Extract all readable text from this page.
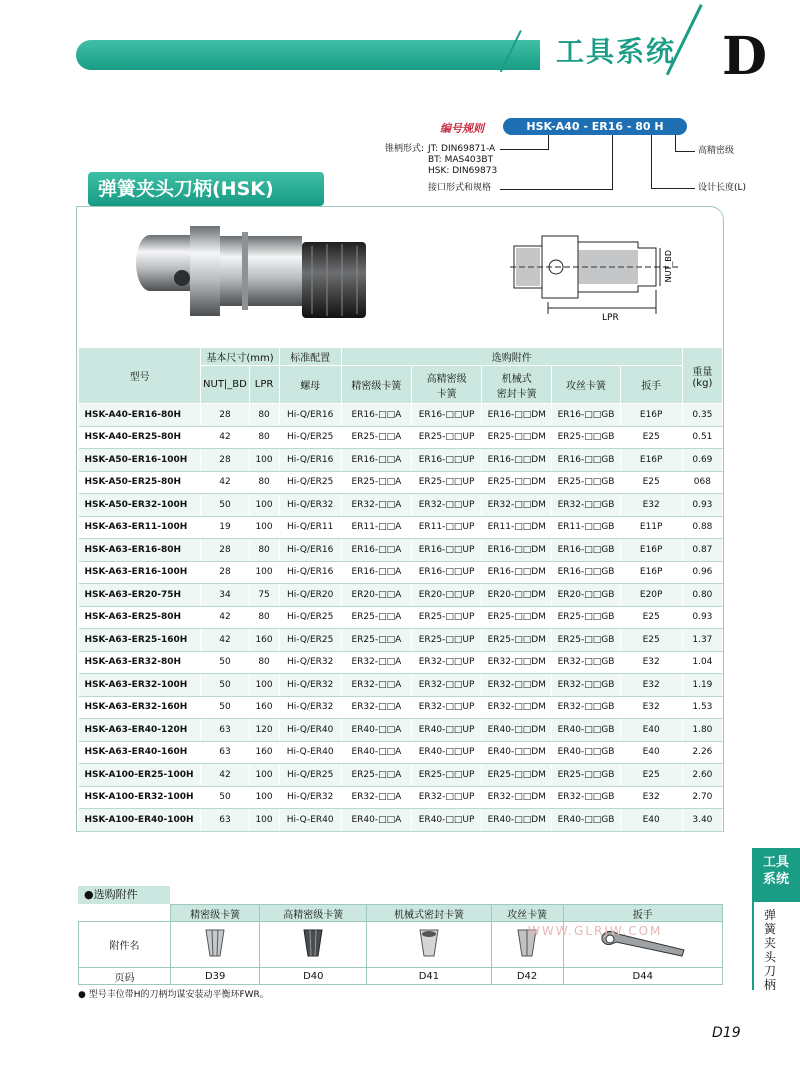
工具系统 D
编号规则	HSK-A40 - ER16 - 80 H
锥柄形式: JT: DIN69871-A
BT: MAS403BT
HSK: DIN69873
接口形式和规格
高精密级
设计长度(L)
弹簧夹头刀柄(HSK)
LPR
NUT_BD
型号	基本尺寸(mm)		标准配置	选购附件					重量
(kg)
	NUT|_BD	LPR	螺母	精密级卡簧	高精密级
卡簧	机械式
密封卡簧	攻丝卡簧	扳手	
HSK-A40-ER16-80H	28	80	Hi-Q/ER16	ER16-□□A	ER16-□□UP	ER16-□□DM	ER16-□□GB	E16P	0.35
HSK-A40-ER25-80H	42	80	Hi-Q/ER25	ER25-□□A	ER25-□□UP	ER25-□□DM	ER25-□□GB	E25	0.51
HSK-A50-ER16-100H	28	100	Hi-Q/ER16	ER16-□□A	ER16-□□UP	ER16-□□DM	ER16-□□GB	E16P	0.69
HSK-A50-ER25-80H	42	80	Hi-Q/ER25	ER25-□□A	ER25-□□UP	ER25-□□DM	ER25-□□GB	E25	068
HSK-A50-ER32-100H	50	100	Hi-Q/ER32	ER32-□□A	ER32-□□UP	ER32-□□DM	ER32-□□GB	E32	0.93
HSK-A63-ER11-100H	19	100	Hi-Q/ER11	ER11-□□A	ER11-□□UP	ER11-□□DM	ER11-□□GB	E11P	0.88
HSK-A63-ER16-80H	28	80	Hi-Q/ER16	ER16-□□A	ER16-□□UP	ER16-□□DM	ER16-□□GB	E16P	0.87
HSK-A63-ER16-100H	28	100	Hi-Q/ER16	ER16-□□A	ER16-□□UP	ER16-□□DM	ER16-□□GB	E16P	0.96
HSK-A63-ER20-75H	34	75	Hi-Q/ER20	ER20-□□A	ER20-□□UP	ER20-□□DM	ER20-□□GB	E20P	0.80
HSK-A63-ER25-80H	42	80	Hi-Q/ER25	ER25-□□A	ER25-□□UP	ER25-□□DM	ER25-□□GB	E25	0.93
HSK-A63-ER25-160H	42	160	Hi-Q/ER25	ER25-□□A	ER25-□□UP	ER25-□□DM	ER25-□□GB	E25	1.37
HSK-A63-ER32-80H	50	80	Hi-Q/ER32	ER32-□□A	ER32-□□UP	ER32-□□DM	ER32-□□GB	E32	1.04
HSK-A63-ER32-100H	50	100	Hi-Q/ER32	ER32-□□A	ER32-□□UP	ER32-□□DM	ER32-□□GB	E32	1.19
HSK-A63-ER32-160H	50	160	Hi-Q/ER32	ER32-□□A	ER32-□□UP	ER32-□□DM	ER32-□□GB	E32	1.53
HSK-A63-ER40-120H	63	120	Hi-Q/ER40	ER40-□□A	ER40-□□UP	ER40-□□DM	ER40-□□GB	E40	1.80
HSK-A63-ER40-160H	63	160	Hi-Q-ER40	ER40-□□A	ER40-□□UP	ER40-□□DM	ER40-□□GB	E40	2.26
HSK-A100-ER25-100H	42	100	Hi-Q/ER25	ER25-□□A	ER25-□□UP	ER25-□□DM	ER25-□□GB	E25	2.60
HSK-A100-ER32-100H	50	100	Hi-Q/ER32	ER32-□□A	ER32-□□UP	ER32-□□DM	ER32-□□GB	E32	2.70
HSK-A100-ER40-100H	63	100	Hi-Q-ER40	ER40-□□A	ER40-□□UP	ER40-□□DM	ER40-□□GB	E40	3.40
●选购附件
	精密级卡簧	高精密级卡簧	机械式密封卡簧	攻丝卡簧	扳手
附件名					
页码	D39	D40	D41	D42	D44
WWW.GLRJW.COM
● 型号丰位带H的刀柄均谋安装动平衡环FWR。
工具
系统
弹簧夹头刀柄
D19
